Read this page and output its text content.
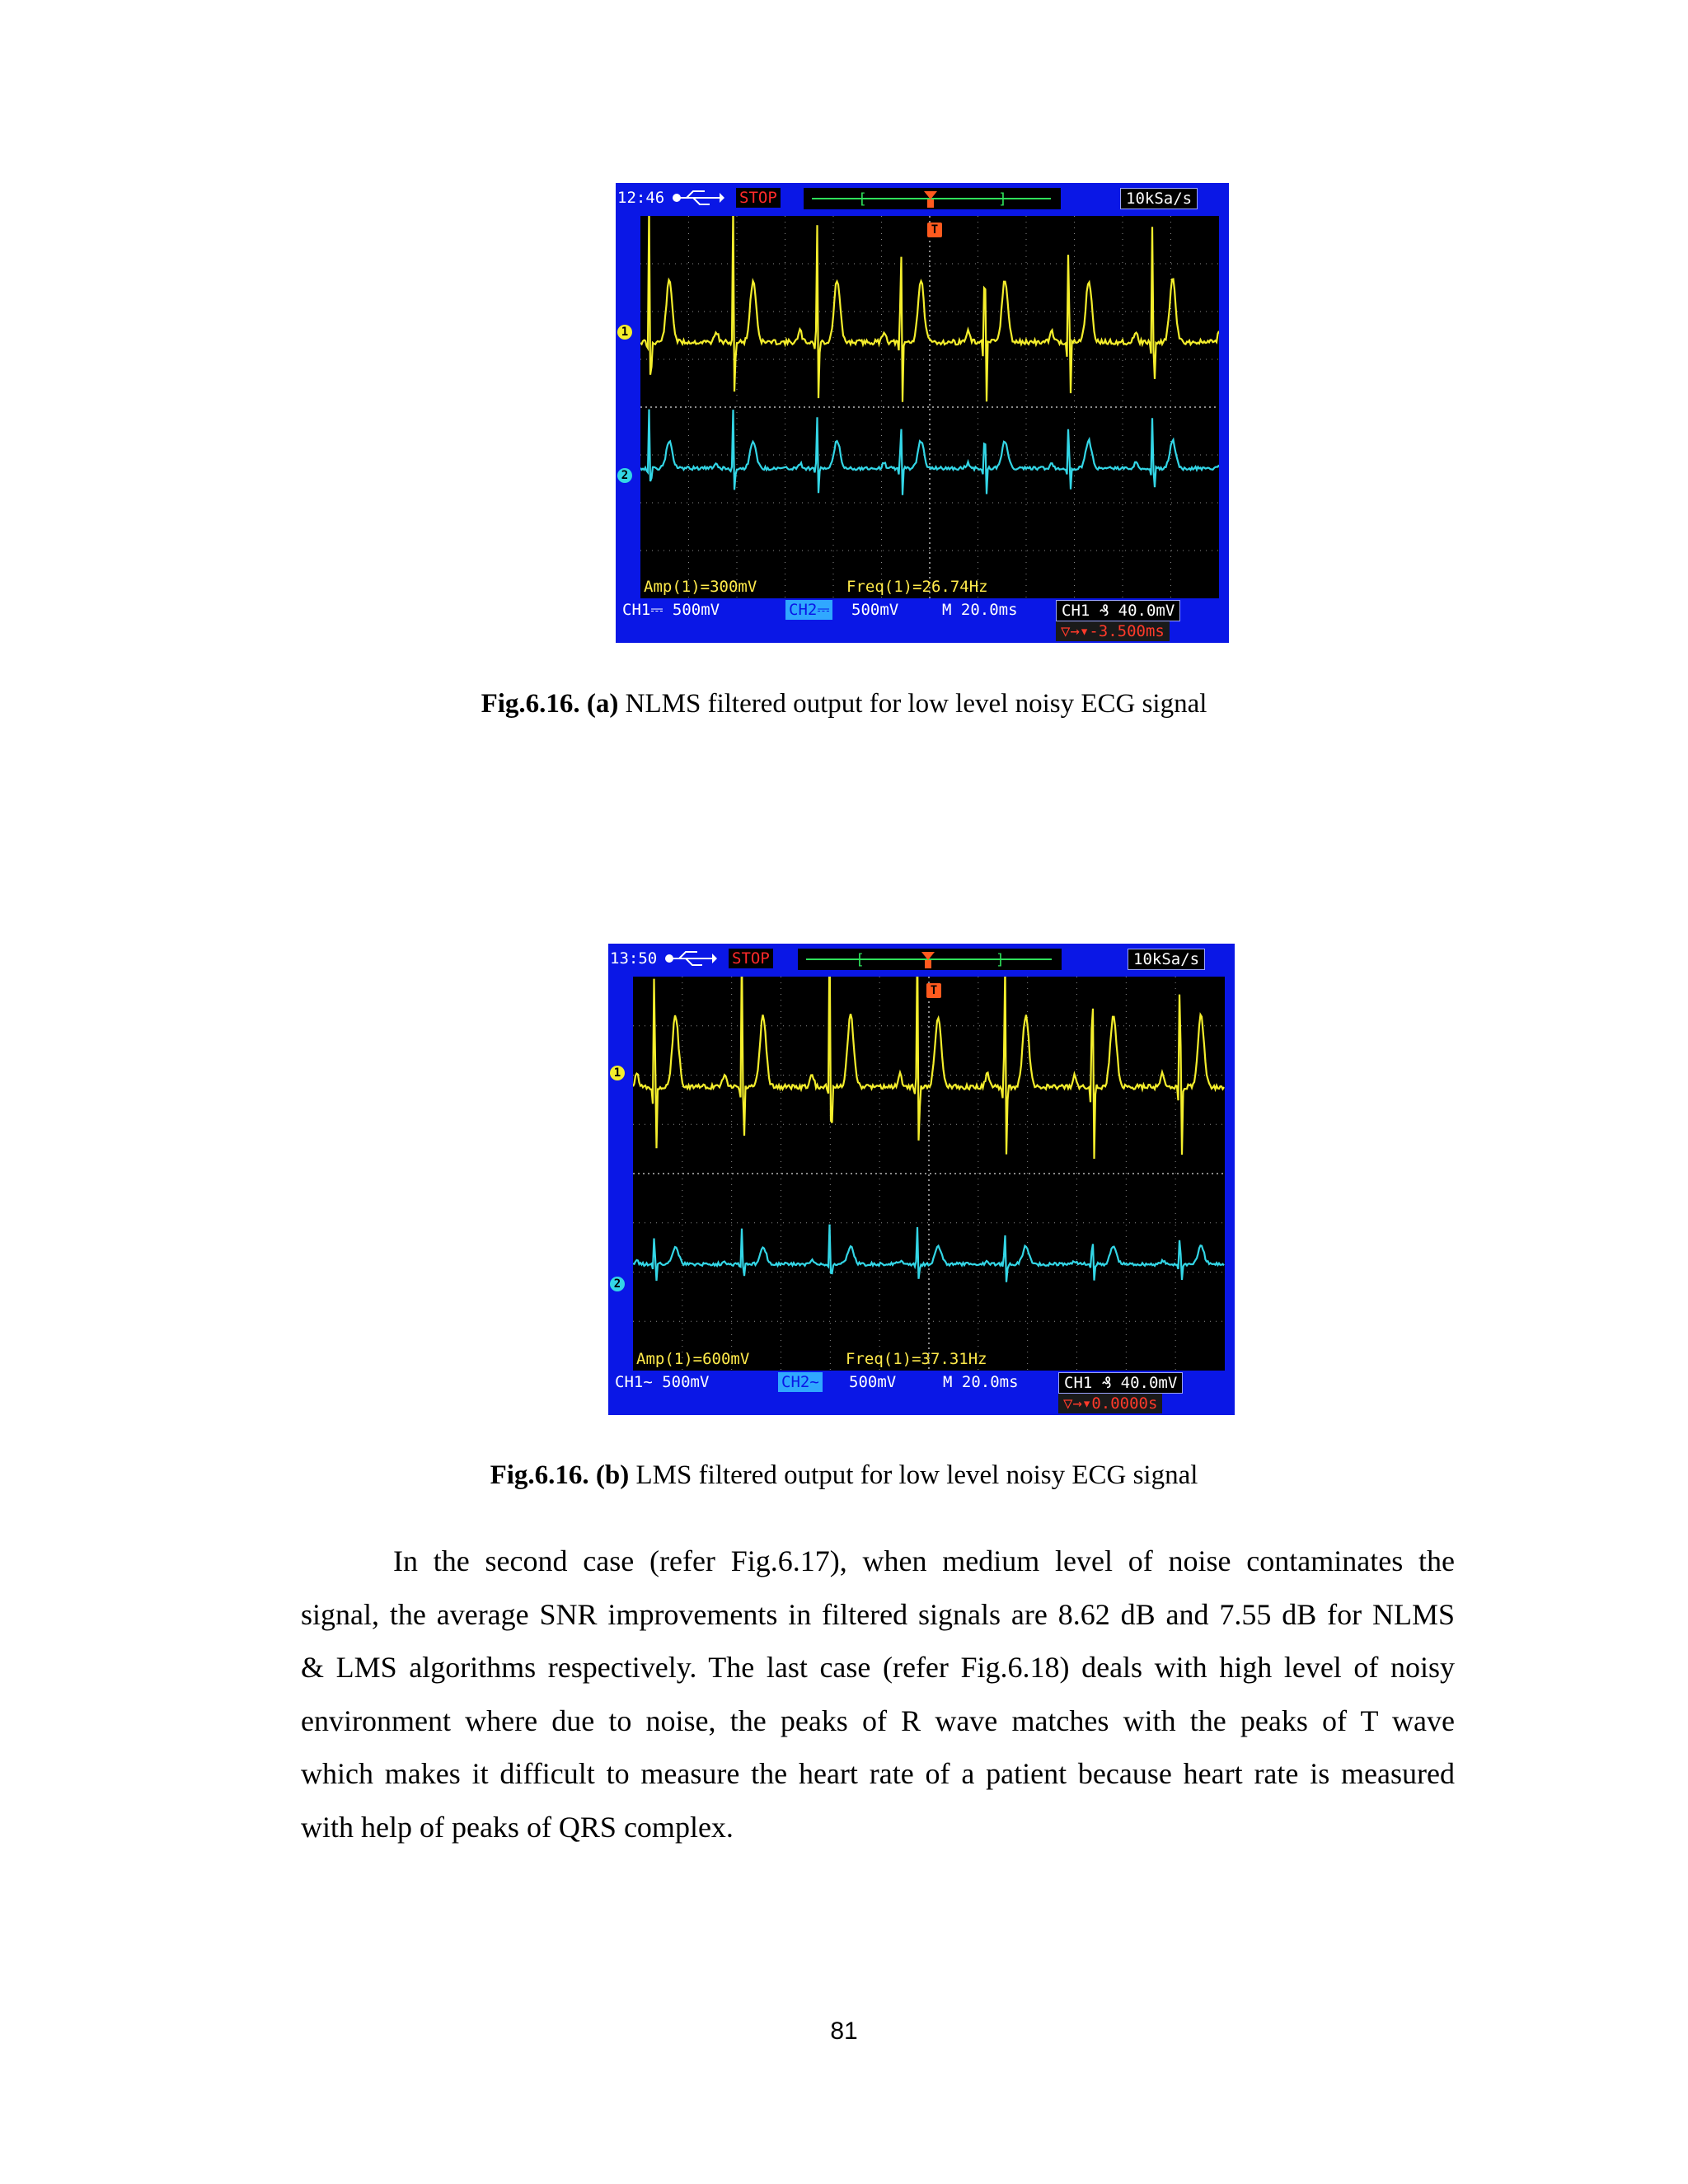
12:46	STOP	[	]	10kSa/s
Amp(1)=300mV	Freq(1)=26.74Hz
1
2
T
CH1⎓ 500mV	CH2⎓ 500mV	M 20.0ms	CH1 ₰ 40.0mV
▽→▾-3.500ms
Fig.6.16. (a) NLMS filtered output for low level noisy ECG signal
13:50	STOP	[	]	10kSa/s
Amp(1)=600mV	Freq(1)=37.31Hz
1
2
T
CH1~ 500mV	CH2~ 500mV	M 20.0ms	CH1 ₰ 40.0mV
▽→▾0.0000s
Fig.6.16. (b) LMS filtered output for low level noisy ECG signal
In the second case (refer Fig.6.17), when medium level of noise contaminates the
signal, the average SNR improvements in filtered signals are 8.62 dB and 7.55 dB for NLMS
& LMS algorithms respectively. The last case (refer Fig.6.18) deals with high level of noisy
environment where due to noise, the peaks of R wave matches with the peaks of T wave
which makes it difficult to measure the heart rate of a patient because heart rate is measured
with help of peaks of QRS complex.
81
